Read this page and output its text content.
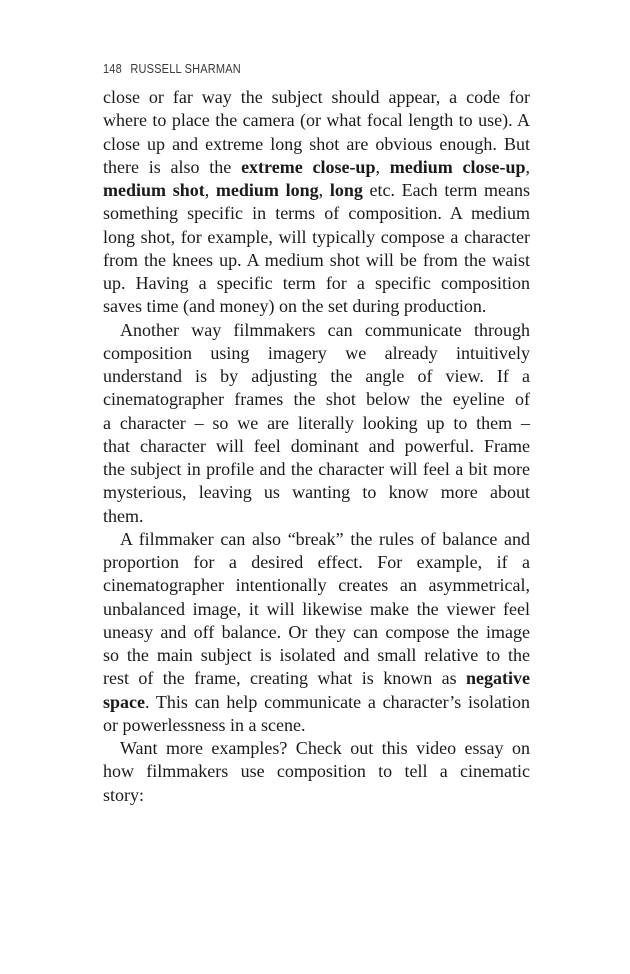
148 RUSSELL SHARMAN
close or far way the subject should appear, a code for
where to place the camera (or what focal length to use). A
close up and extreme long shot are obvious enough. But
there is also the extreme close-up, medium close-up,
medium shot, medium long, long etc. Each term means
something specific in terms of composition. A medium
long shot, for example, will typically compose a character
from the knees up. A medium shot will be from the waist
up. Having a specific term for a specific composition
saves time (and money) on the set during production.
Another way filmmakers can communicate through
composition using imagery we already intuitively
understand is by adjusting the angle of view. If a
cinematographer frames the shot below the eyeline of
a character – so we are literally looking up to them –
that character will feel dominant and powerful. Frame
the subject in profile and the character will feel a bit more
mysterious, leaving us wanting to know more about
them.
A filmmaker can also “break” the rules of balance and
proportion for a desired effect. For example, if a
cinematographer intentionally creates an asymmetrical,
unbalanced image, it will likewise make the viewer feel
uneasy and off balance. Or they can compose the image
so the main subject is isolated and small relative to the
rest of the frame, creating what is known as negative
space. This can help communicate a character’s isolation
or powerlessness in a scene.
Want more examples? Check out this video essay on
how filmmakers use composition to tell a cinematic
story:
